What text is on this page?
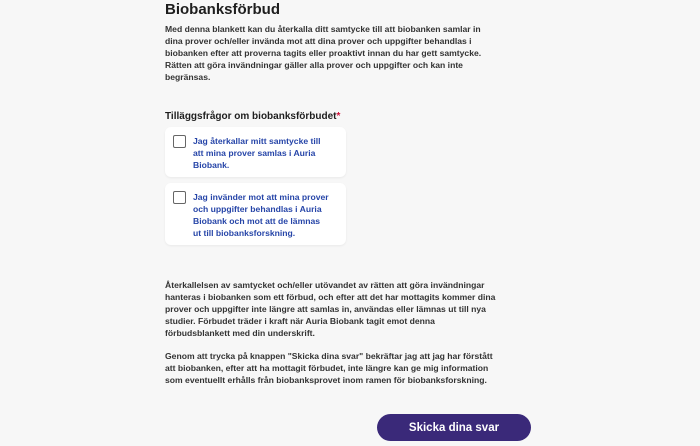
Biobanksförbud
Med denna blankett kan du återkalla ditt samtycke till att biobanken samlar in
dina prover och/eller invända mot att dina prover och uppgifter behandlas i
biobanken efter att proverna tagits eller proaktivt innan du har gett samtycke.
Rätten att göra invändningar gäller alla prover och uppgifter och kan inte
begränsas.
Tilläggsfrågor om biobanksförbudet*
Jag återkallar mitt samtycke till
att mina prover samlas i Auria
Biobank.
Jag invänder mot att mina prover
och uppgifter behandlas i Auria
Biobank och mot att de lämnas
ut till biobanksforskning.
Återkallelsen av samtycket och/eller utövandet av rätten att göra invändningar
hanteras i biobanken som ett förbud, och efter att det har mottagits kommer dina
prover och uppgifter inte längre att samlas in, användas eller lämnas ut till nya
studier. Förbudet träder i kraft när Auria Biobank tagit emot denna
förbudsblankett med din underskrift.
Genom att trycka på knappen "Skicka dina svar" bekräftar jag att jag har förstått
att biobanken, efter att ha mottagit förbudet, inte längre kan ge mig information
som eventuellt erhålls från biobanksprovet inom ramen för biobanksforskning.
Skicka dina svar
